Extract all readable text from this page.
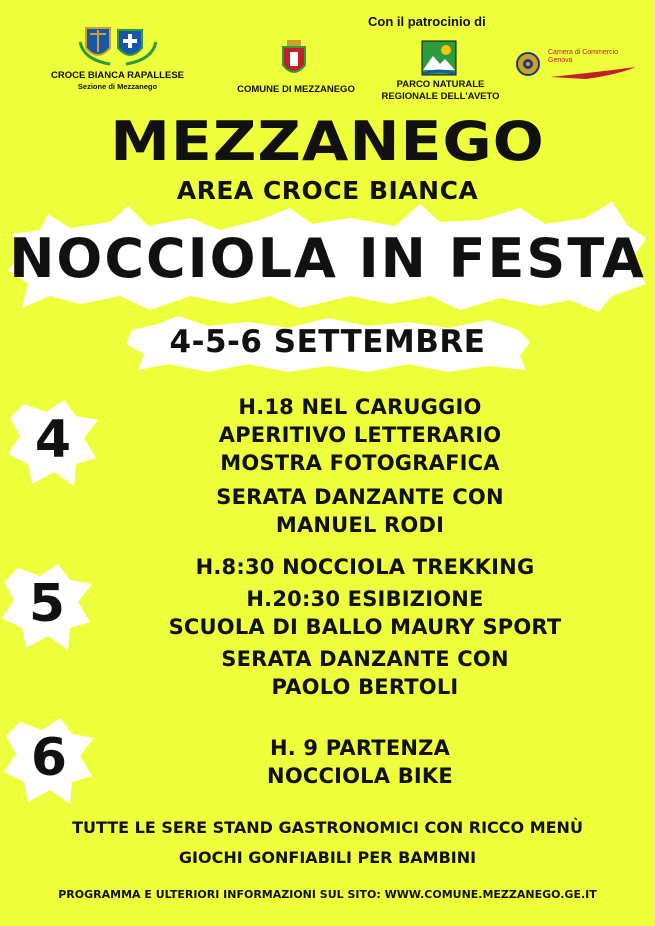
CROCE BIANCA RAPALLESE
Sezione di Mezzanego
Con il patrocinio di
COMUNE DI MEZZANEGO	PARCO NATURALE
REGIONALE DELL'AVETO
Camera di Commercio
Genova
MEZZANEGO
AREA CROCE BIANCA
NOCCIOLA IN FESTA
4-5-6 SETTEMBRE
4
H.18 NEL CARUGGIO
APERITIVO LETTERARIO
MOSTRA FOTOGRAFICA
SERATA DANZANTE CON
MANUEL RODI
5
H.8:30 NOCCIOLA TREKKING
H.20:30 ESIBIZIONE
SCUOLA DI BALLO MAURY SPORT
SERATA DANZANTE CON
PAOLO BERTOLI
6	H. 9 PARTENZA
NOCCIOLA BIKE
TUTTE LE SERE STAND GASTRONOMICI CON RICCO MENÙ
GIOCHI GONFIABILI PER BAMBINI
PROGRAMMA E ULTERIORI INFORMAZIONI SUL SITO: WWW.COMUNE.MEZZANEGO.GE.IT
